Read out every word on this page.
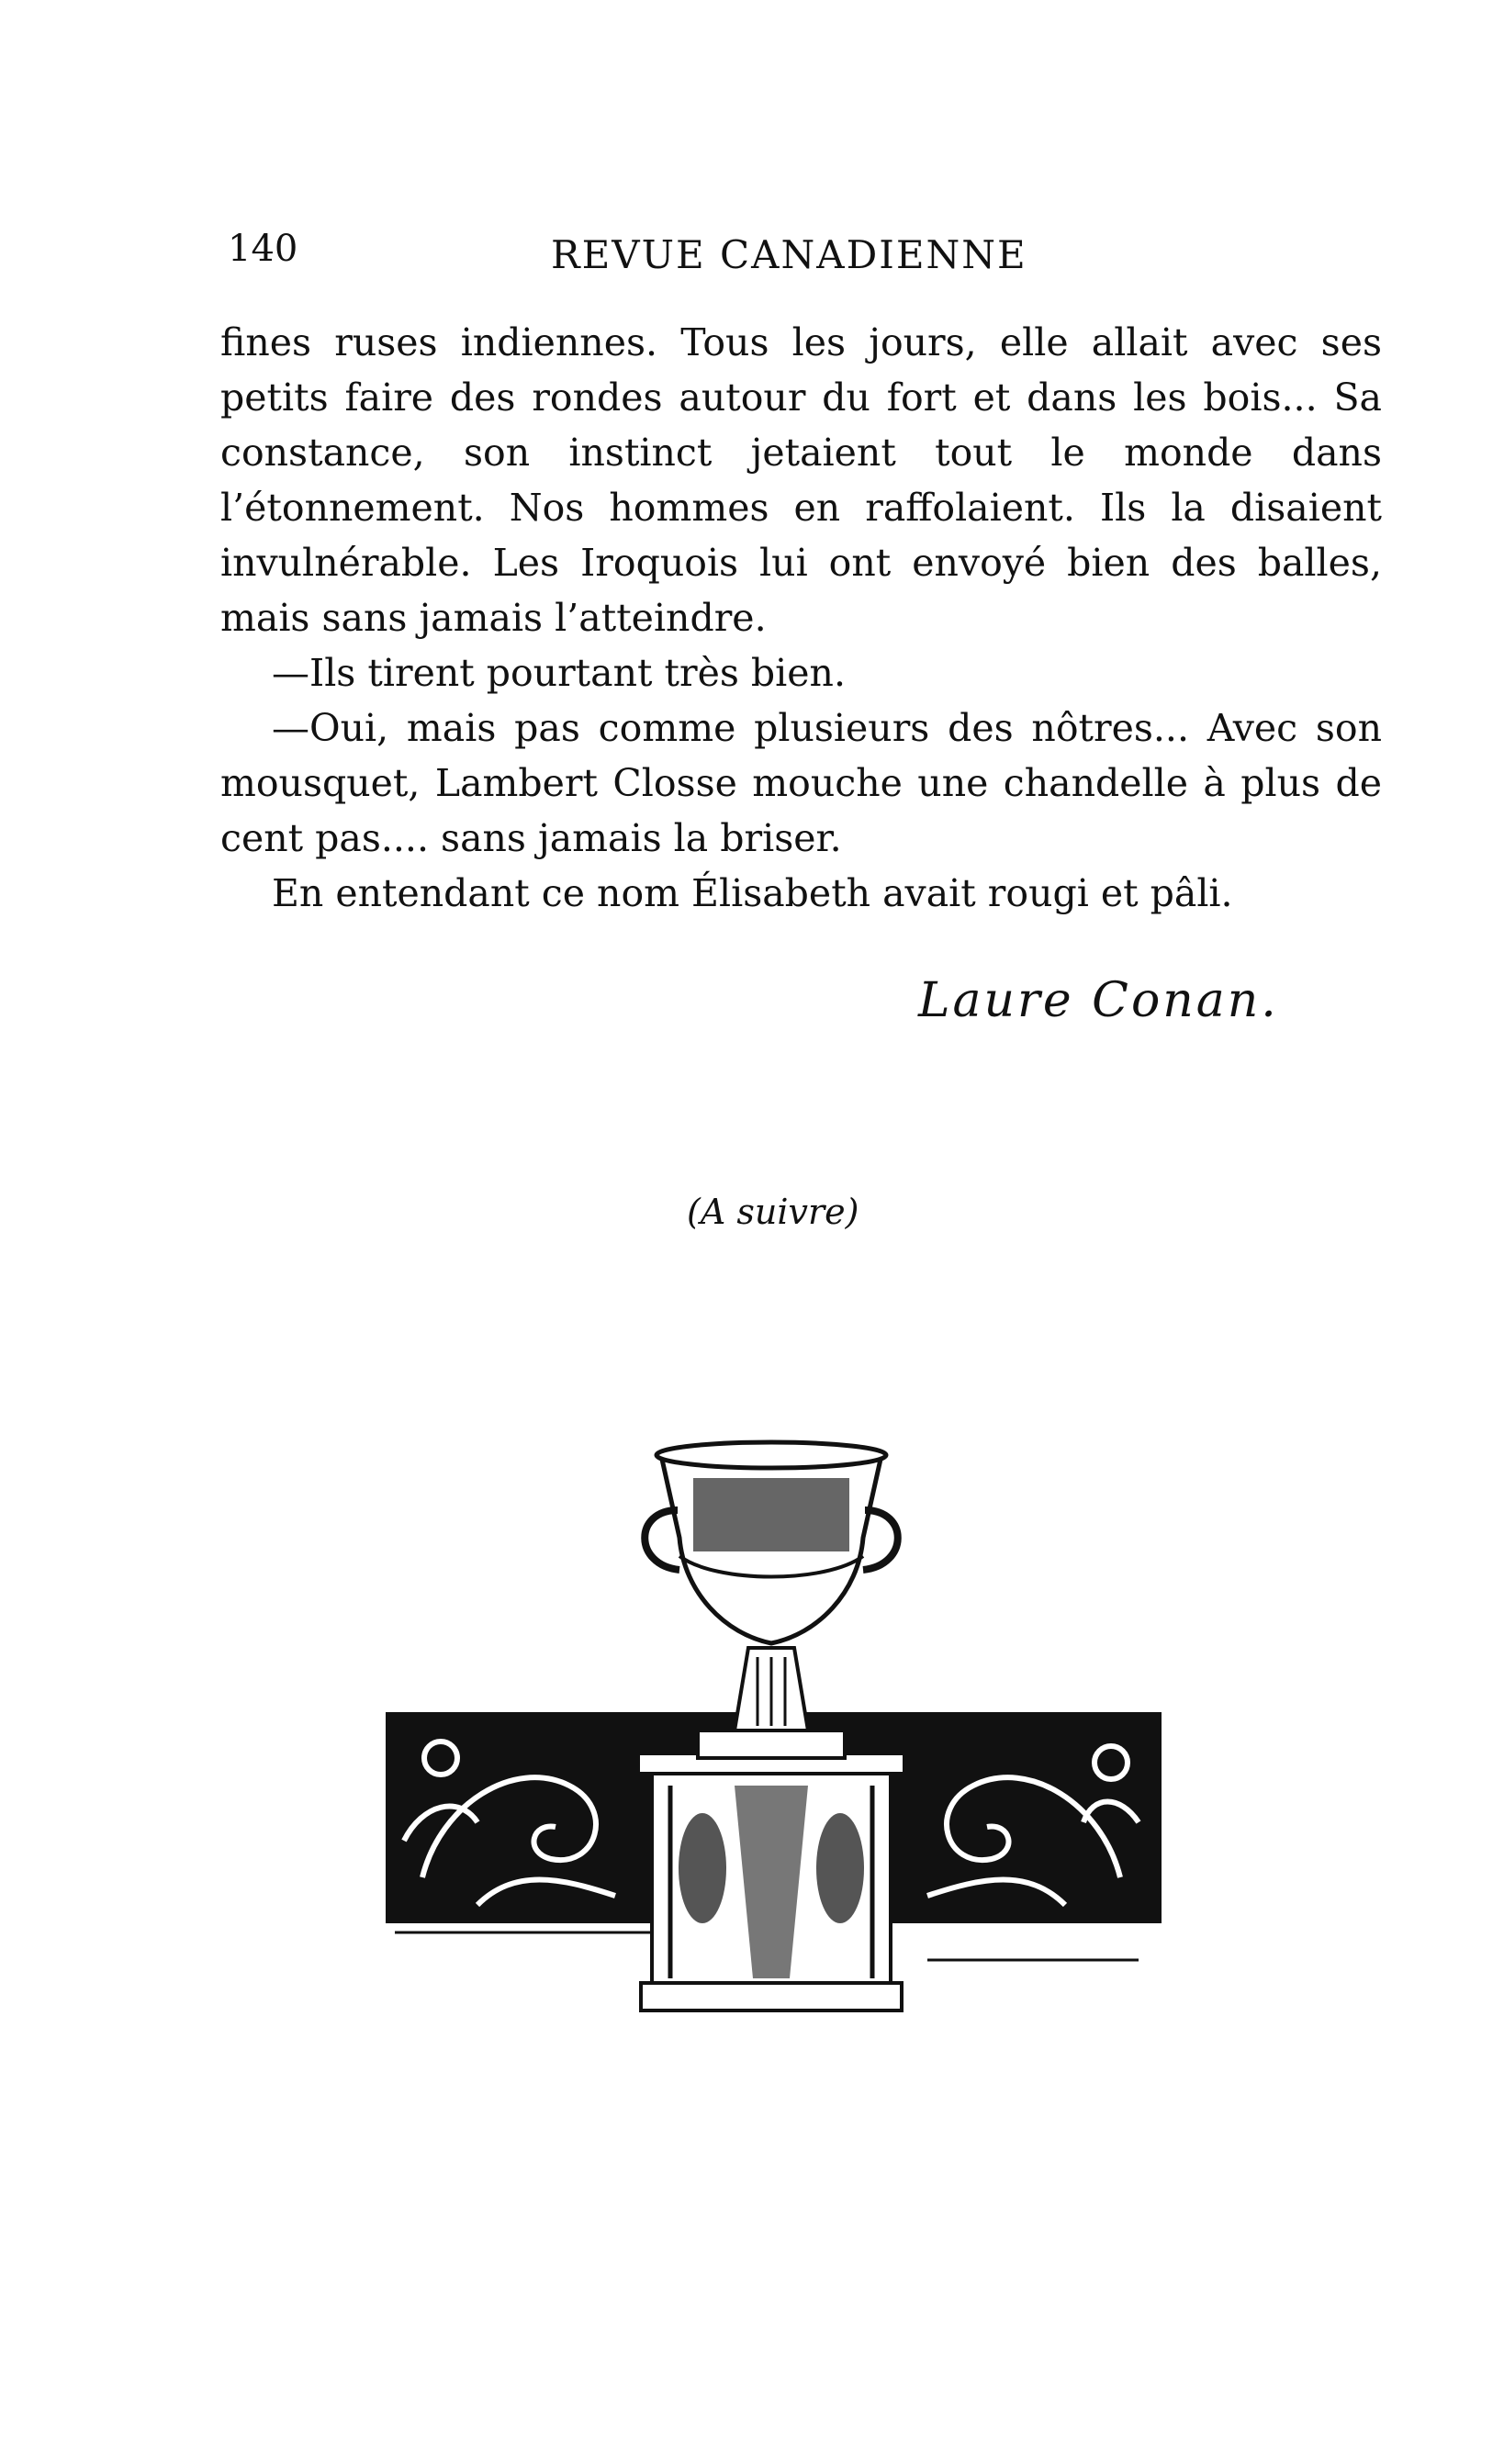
140	REVUE CANADIENNE

fines ruses indiennes. Tous les jours, elle allait avec ses petits faire des rondes autour du fort et dans les bois... Sa constance, son instinct jetaient tout le monde dans l’étonnement. Nos hommes en raffolaient. Ils la disaient invulnérable. Les Iroquois lui ont envoyé bien des balles, mais sans jamais l’atteindre.

—Ils tirent pourtant très bien.

—Oui, mais pas comme plusieurs des nôtres... Avec son mousquet, Lambert Closse mouche une chandelle à plus de cent pas.... sans jamais la briser.

En entendant ce nom Élisabeth avait rougi et pâli.

Laure Conan.
(A suivre)
